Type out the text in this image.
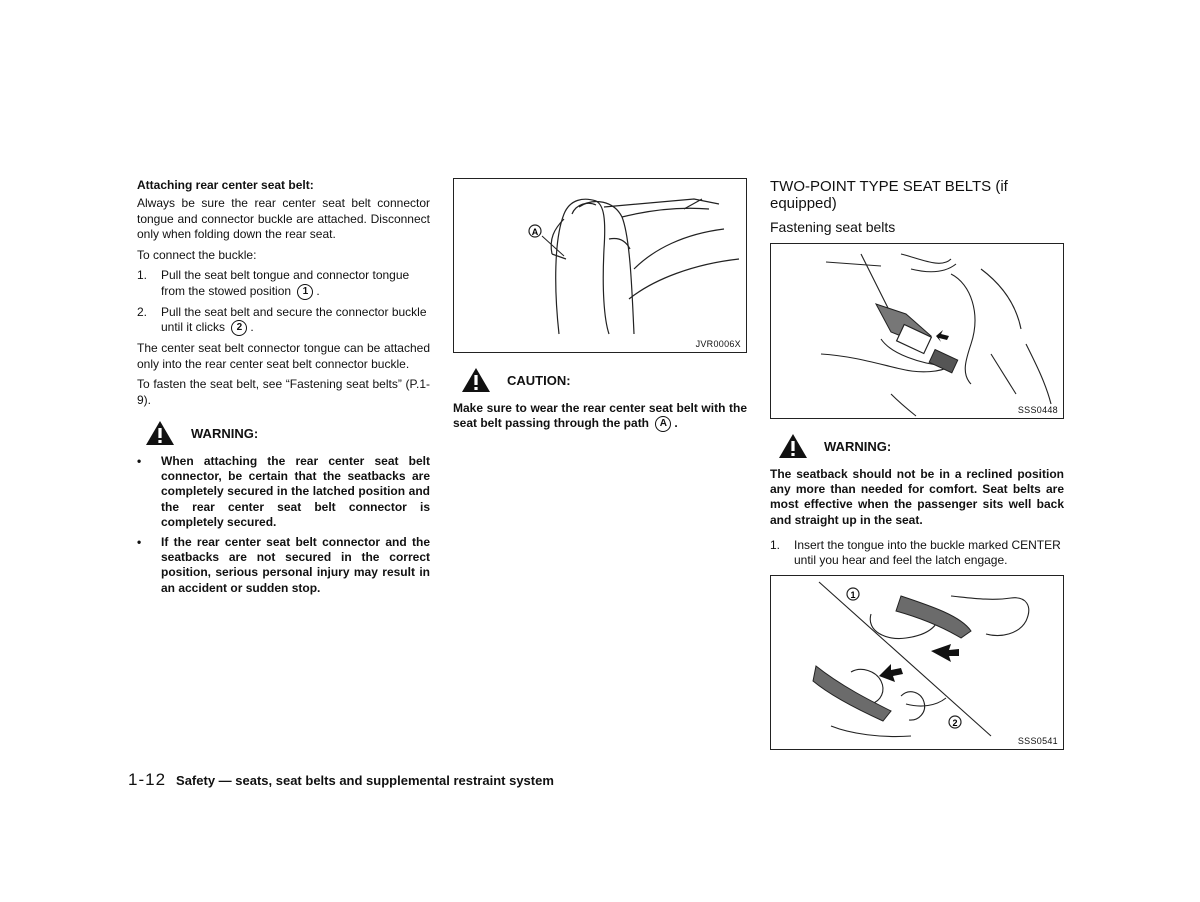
Attaching rear center seat belt:

Always be sure the rear center seat belt connector tongue and connector buckle are attached. Disconnect only when folding down the rear seat.

To connect the buckle:

1. Pull the seat belt tongue and connector tongue from the stowed position 1 .
2. Pull the seat belt and secure the connector buckle until it clicks 2 .

The center seat belt connector tongue can be attached only into the rear center seat belt connector buckle.

To fasten the seat belt, see “Fastening seat belts” (P.1-9).

WARNING:
• When attaching the rear center seat belt connector, be certain that the seatbacks are completely secured in the latched position and the rear center seat belt connector is completely secured.
• If the rear center seat belt connector and the seatbacks are not secured in the correct position, serious personal injury may result in an accident or sudden stop.
A
JVR0006X
CAUTION:

Make sure to wear the rear center seat belt with the seat belt passing through the path A .

TWO-POINT TYPE SEAT BELTS (if equipped)
Fastening seat belts
SSS0448
WARNING:

The seatback should not be in a reclined position any more than needed for comfort. Seat belts are most effective when the passenger sits well back and straight up in the seat.

1. Insert the tongue into the buckle marked CENTER until you hear and feel the latch engage.
1
2
SSS0541
1-12 Safety — seats, seat belts and supplemental restraint system
